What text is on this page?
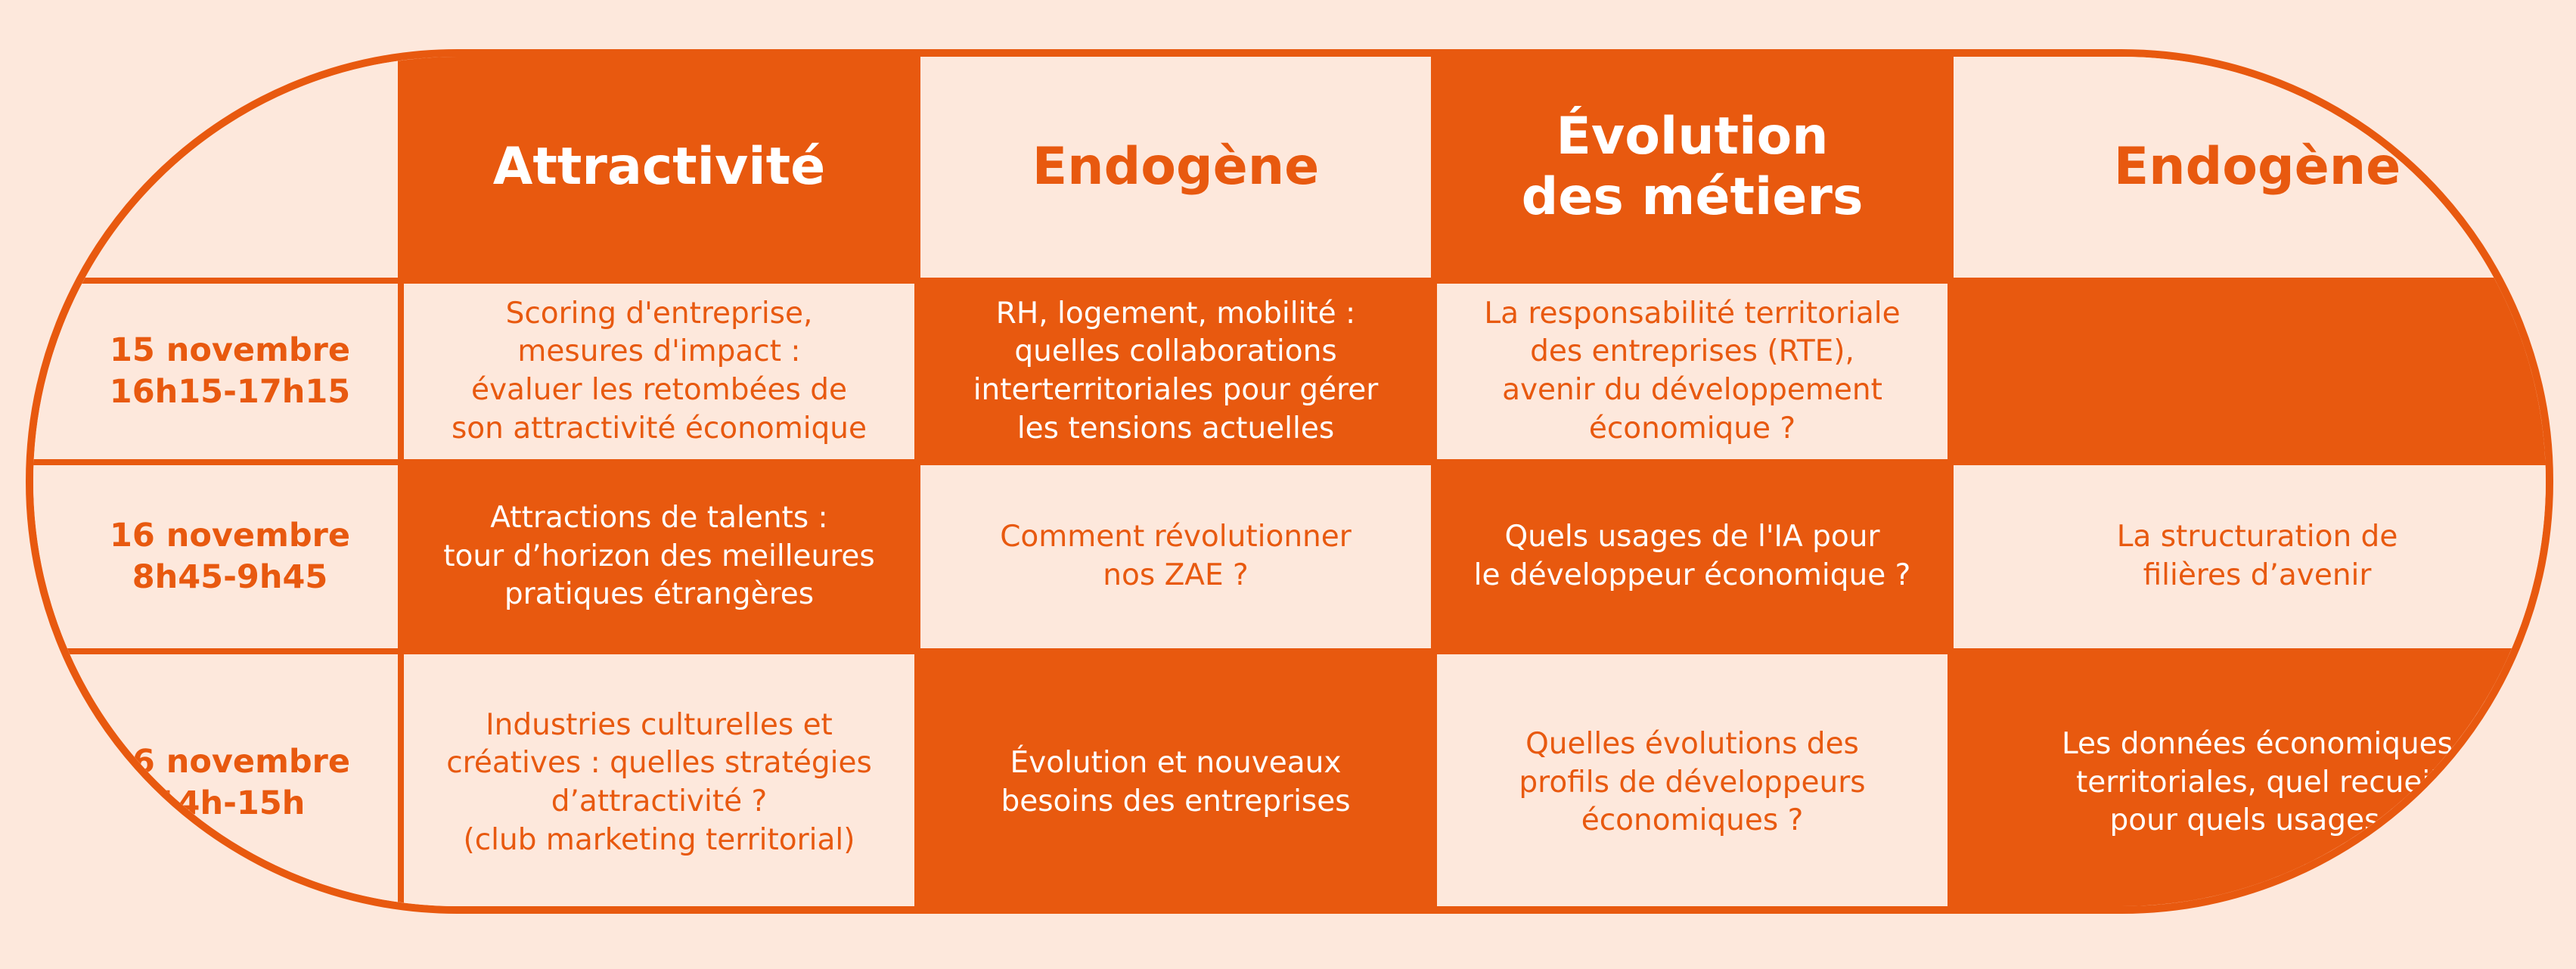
Attractivité	Endogène
Évolution
des métiers
Endogène
15 novembre
16h15-17h15
Scoring d'entreprise,
mesures d'impact :
évaluer les retombées de
son attractivité économique
RH, logement, mobilité :
quelles collaborations
interterritoriales pour gérer
les tensions actuelles
La responsabilité territoriale
des entreprises (RTE),
avenir du développement
économique ?
16 novembre
8h45-9h45
Attractions de talents :
tour d’horizon des meilleures
pratiques étrangères
Comment révolutionner
nos ZAE ?
Quels usages de l'IA pour
le développeur économique ?
La structuration de
filières d’avenir
16 novembre
14h-15h
Industries culturelles et
créatives : quelles stratégies
d’attractivité ?
(club marketing territorial)
Évolution et nouveaux
besoins des entreprises
Quelles évolutions des
profils de développeurs
économiques ?
Les données économiques
territoriales, quel recueil
pour quels usages ?
